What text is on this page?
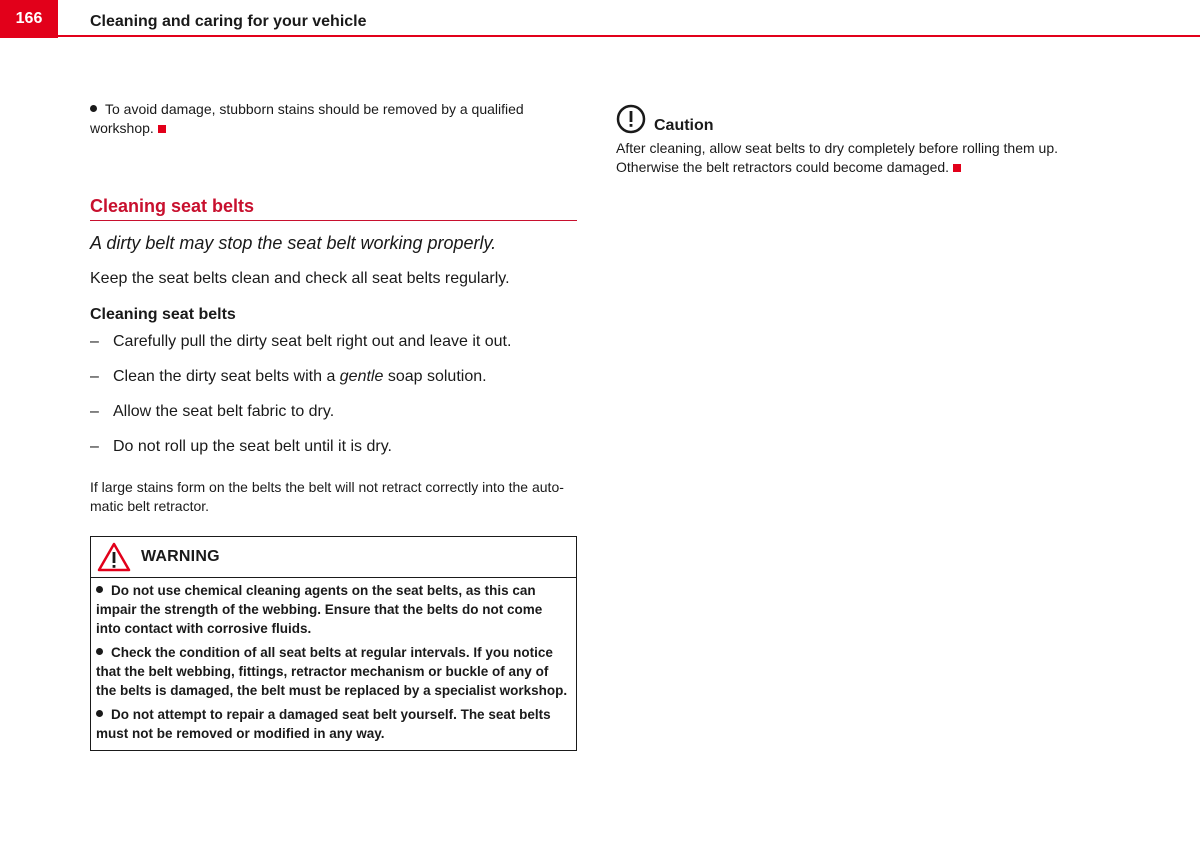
166	Cleaning and caring for your vehicle
To avoid damage, stubborn stains should be removed by a qualified workshop.
Cleaning seat belts
A dirty belt may stop the seat belt working properly.
Keep the seat belts clean and check all seat belts regularly.
Cleaning seat belts
– Carefully pull the dirty seat belt right out and leave it out.
– Clean the dirty seat belts with a gentle soap solution.
– Allow the seat belt fabric to dry.
– Do not roll up the seat belt until it is dry.
If large stains form on the belts the belt will not retract correctly into the auto-matic belt retractor.
WARNING
Do not use chemical cleaning agents on the seat belts, as this can impair the strength of the webbing. Ensure that the belts do not come into contact with corrosive fluids.
Check the condition of all seat belts at regular intervals. If you notice that the belt webbing, fittings, retractor mechanism or buckle of any of the belts is damaged, the belt must be replaced by a specialist workshop.
Do not attempt to repair a damaged seat belt yourself. The seat belts must not be removed or modified in any way.
Caution
After cleaning, allow seat belts to dry completely before rolling them up. Otherwise the belt retractors could become damaged.
